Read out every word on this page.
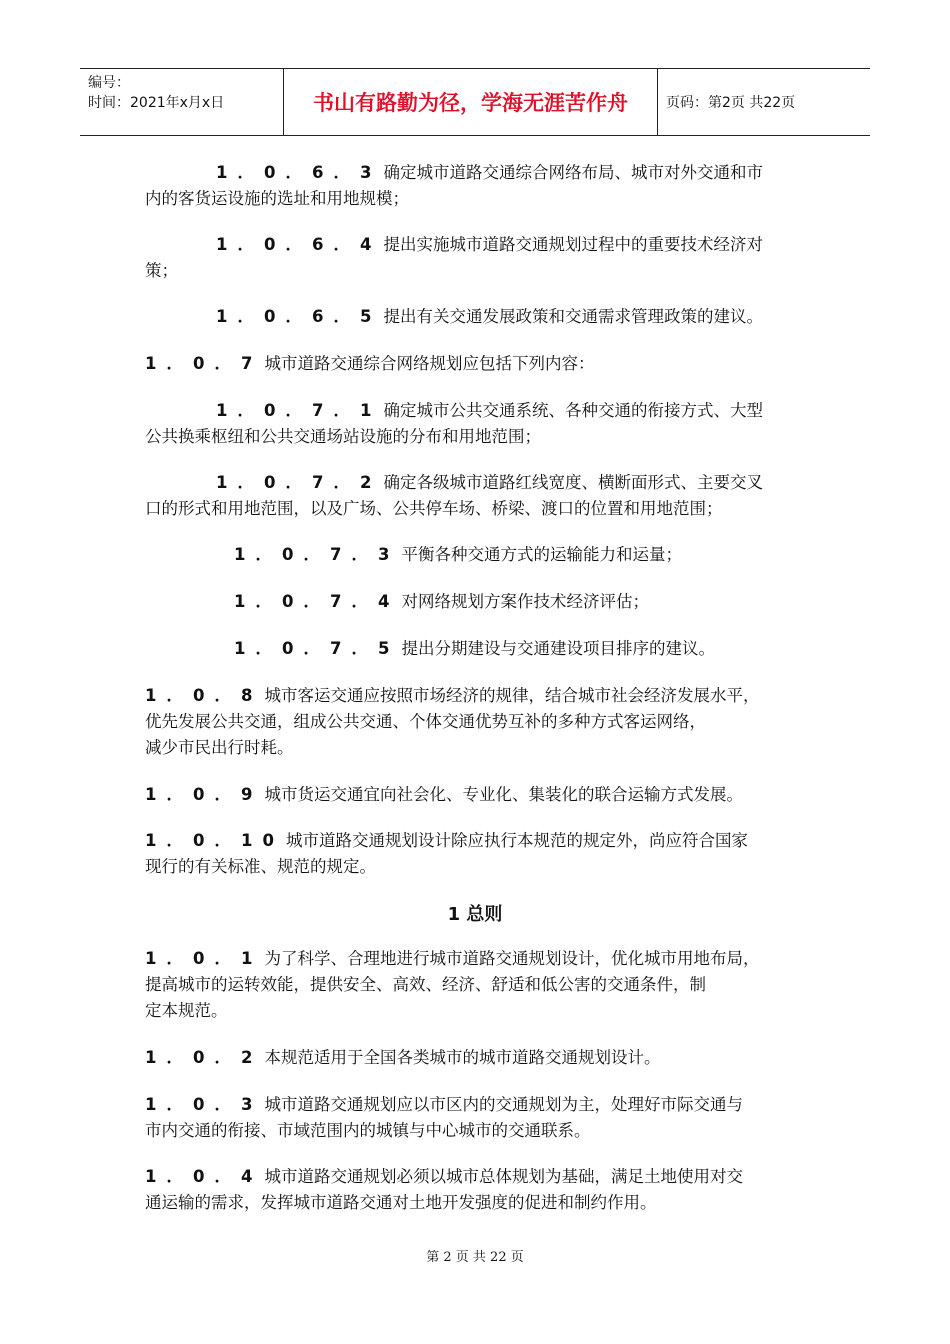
编号：
时间：2021年x月x日	书山有路勤为径，学海无涯苦作舟	页码：第2页 共22页
1．0．6．3 确定城市道路交通综合网络布局、城市对外交通和市
内的客货运设施的选址和用地规模；
1．0．6．4 提出实施城市道路交通规划过程中的重要技术经济对
策；
1．0．6．5 提出有关交通发展政策和交通需求管理政策的建议。
1．0．7 城市道路交通综合网络规划应包括下列内容：
1．0．7．1 确定城市公共交通系统、各种交通的衔接方式、大型
公共换乘枢纽和公共交通场站设施的分布和用地范围；
1．0．7．2 确定各级城市道路红线宽度、横断面形式、主要交叉
口的形式和用地范围，以及广场、公共停车场、桥梁、渡口的位置和用地范围；
1．0．7．3 平衡各种交通方式的运输能力和运量；
1．0．7．4 对网络规划方案作技术经济评估；
1．0．7．5 提出分期建设与交通建设项目排序的建议。
1．0．8 城市客运交通应按照市场经济的规律，结合城市社会经济发展水平，
优先发展公共交通，组成公共交通、个体交通优势互补的多种方式客运网络，
减少市民出行时耗。
1．0．9 城市货运交通宜向社会化、专业化、集装化的联合运输方式发展。
1．0．10 城市道路交通规划设计除应执行本规范的规定外，尚应符合国家
现行的有关标准、规范的规定。
1 总则
1．0．1 为了科学、合理地进行城市道路交通规划设计，优化城市用地布局，
提高城市的运转效能，提供安全、高效、经济、舒适和低公害的交通条件，制
定本规范。
1．0．2 本规范适用于全国各类城市的城市道路交通规划设计。
1．0．3 城市道路交通规划应以市区内的交通规划为主，处理好市际交通与
市内交通的衔接、市域范围内的城镇与中心城市的交通联系。
1．0．4 城市道路交通规划必须以城市总体规划为基础，满足土地使用对交
通运输的需求，发挥城市道路交通对土地开发强度的促进和制约作用。
第 2 页 共 22 页
